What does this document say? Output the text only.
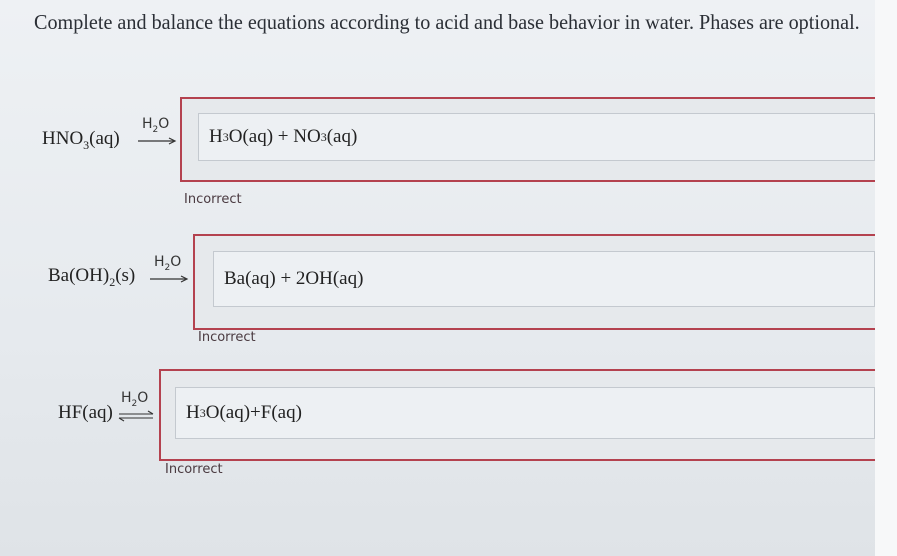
Complete and balance the equations according to acid and base behavior in water. Phases are optional.
$HNO_3(aq)$
$H_2O$
H 3 O(aq) + NO 3 (aq)
Incorrect
$Ba(OH)_2(s)$
$H_2O$
Ba(aq) + 2OH(aq)
Incorrect
HF(aq)
$H_2O$
H 3 O(aq)+F(aq)
Incorrect
